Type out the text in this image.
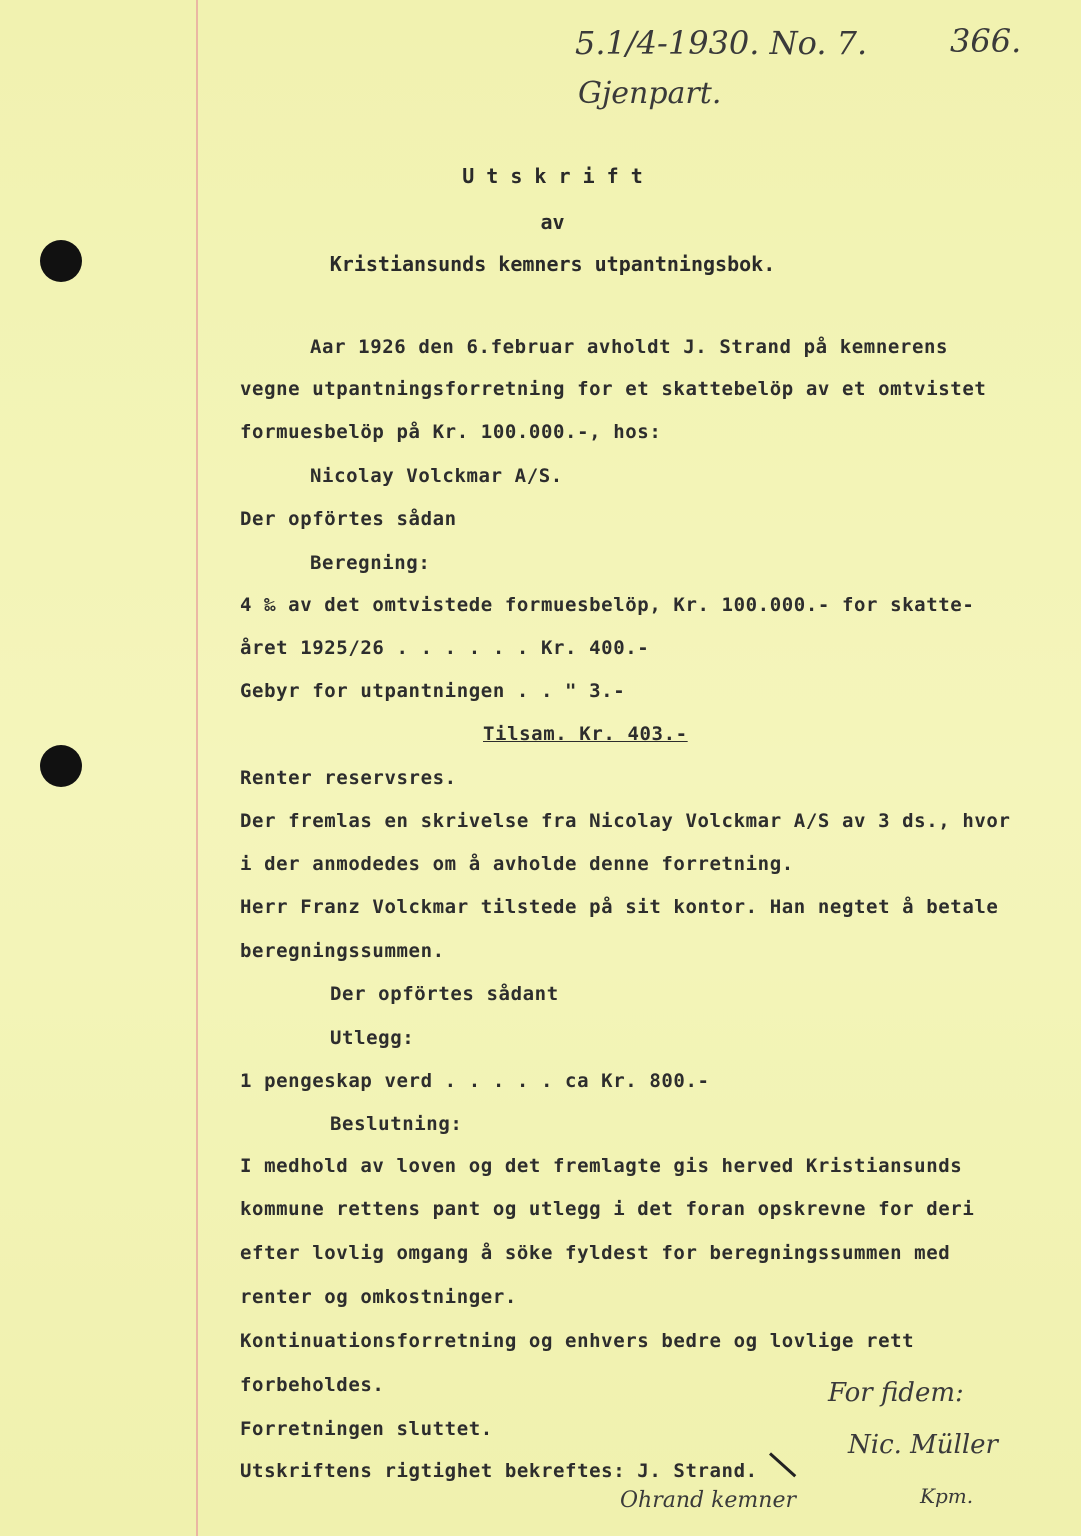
5.1/4-1930. No. 7.	366.
Gjenpart.
U t s k r i f t
av
Kristiansunds kemners utpantningsbok.
Aar 1926 den 6.februar avholdt J. Strand på kemnerens
vegne utpantningsforretning for et skattebelöp av et omtvistet
formuesbelöp på Kr. 100.000.-, hos:
Nicolay Volckmar A/S.
Der opförtes sådan
Beregning:
4 ‰ av det omtvistede formuesbelöp, Kr. 100.000.- for skatte-
året 1925/26 . . . . . . Kr. 400.-
Gebyr for utpantningen . . " 3.-
Tilsam. Kr. 403.-
Renter reservsres.
Der fremlas en skrivelse fra Nicolay Volckmar A/S av 3 ds., hvor
i der anmodedes om å avholde denne forretning.
Herr Franz Volckmar tilstede på sit kontor. Han negtet å betale
beregningssummen.
Der opförtes sådant
Utlegg:
1 pengeskap verd . . . . . ca Kr. 800.-
Beslutning:
I medhold av loven og det fremlagte gis herved Kristiansunds
kommune rettens pant og utlegg i det foran opskrevne for deri
efter lovlig omgang å söke fyldest for beregningssummen med
renter og omkostninger.
Kontinuationsforretning og enhvers bedre og lovlige rett
forbeholdes.
Forretningen sluttet.
Utskriftens rigtighet bekreftes: J. Strand.
Ohrand kemner
For fidem:
Nic. Müller
Kpm.
